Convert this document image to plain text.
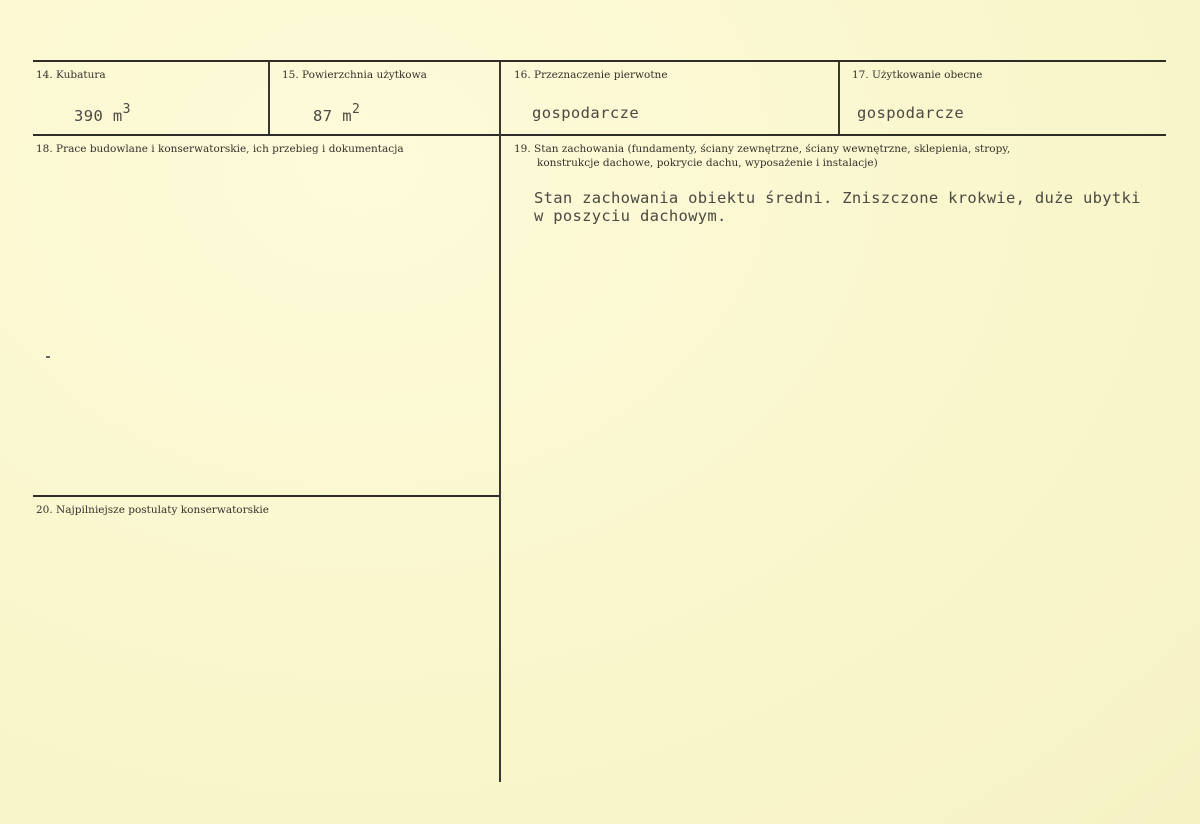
14. Kubatura
390 $m^3$
15. Powierzchnia użytkowa
87 $m^2$
16. Przeznaczenie pierwotne
gospodarcze
17. Użytkowanie obecne
gospodarcze
18. Prace budowlane i konserwatorskie, ich przebieg i dokumentacja	19. Stan zachowania (fundamenty, ściany zewnętrzne, ściany wewnętrzne, sklepienia, stropy,
konstrukcje dachowe, pokrycie dachu, wyposażenie i instalacje)
Stan zachowania obiektu średni. Zniszczone krokwie, duże ubytki
w poszyciu dachowym.
20. Najpilniejsze postulaty konserwatorskie
